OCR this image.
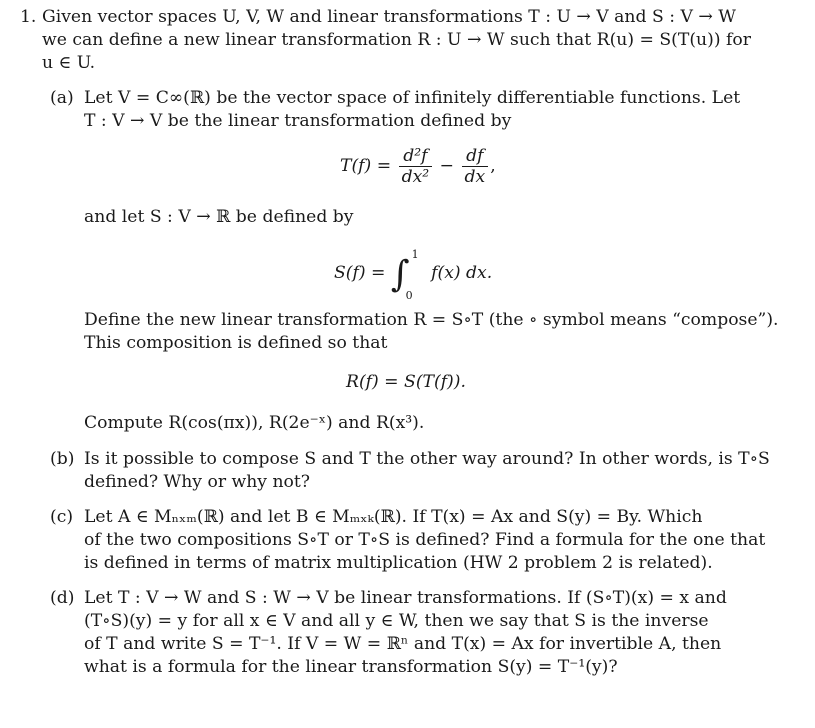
1. Given vector spaces U, V, W and linear transformations T : U → V and S : V → W
we can define a new linear transformation R : U → W such that R(u) = S(T(u)) for
u ∈ U.
(a) Let V = C∞(ℝ) be the vector space of infinitely differentiable functions. Let
T : V → V be the linear transformation defined by
$T(f) = \frac{\text{d²f}}{\text{dx²}} - \frac{df}{dx}$ ,
and let S : V → ℝ be defined by
S(f) = ∫ 1
0
f(x) dx.
Define the new linear transformation R = S∘T (the ∘ symbol means “compose”).
This composition is defined so that
R(f) = S(T(f)).
Compute R(cos(πx)), R(2e⁻ˣ) and R(x³).
(b) Is it possible to compose S and T the other way around? In other words, is T∘S
defined? Why or why not?
(c) Let A ∈ Mₙₓₘ(ℝ) and let B ∈ Mₘₓₖ(ℝ). If T(x) = Ax and S(y) = By. Which
of the two compositions S∘T or T∘S is defined? Find a formula for the one that
is defined in terms of matrix multiplication (HW 2 problem 2 is related).
(d) Let T : V → W and S : W → V be linear transformations. If (S∘T)(x) = x and
(T∘S)(y) = y for all x ∈ V and all y ∈ W, then we say that S is the inverse
of T and write S = T⁻¹. If V = W = ℝⁿ and T(x) = Ax for invertible A, then
what is a formula for the linear transformation S(y) = T⁻¹(y)?
